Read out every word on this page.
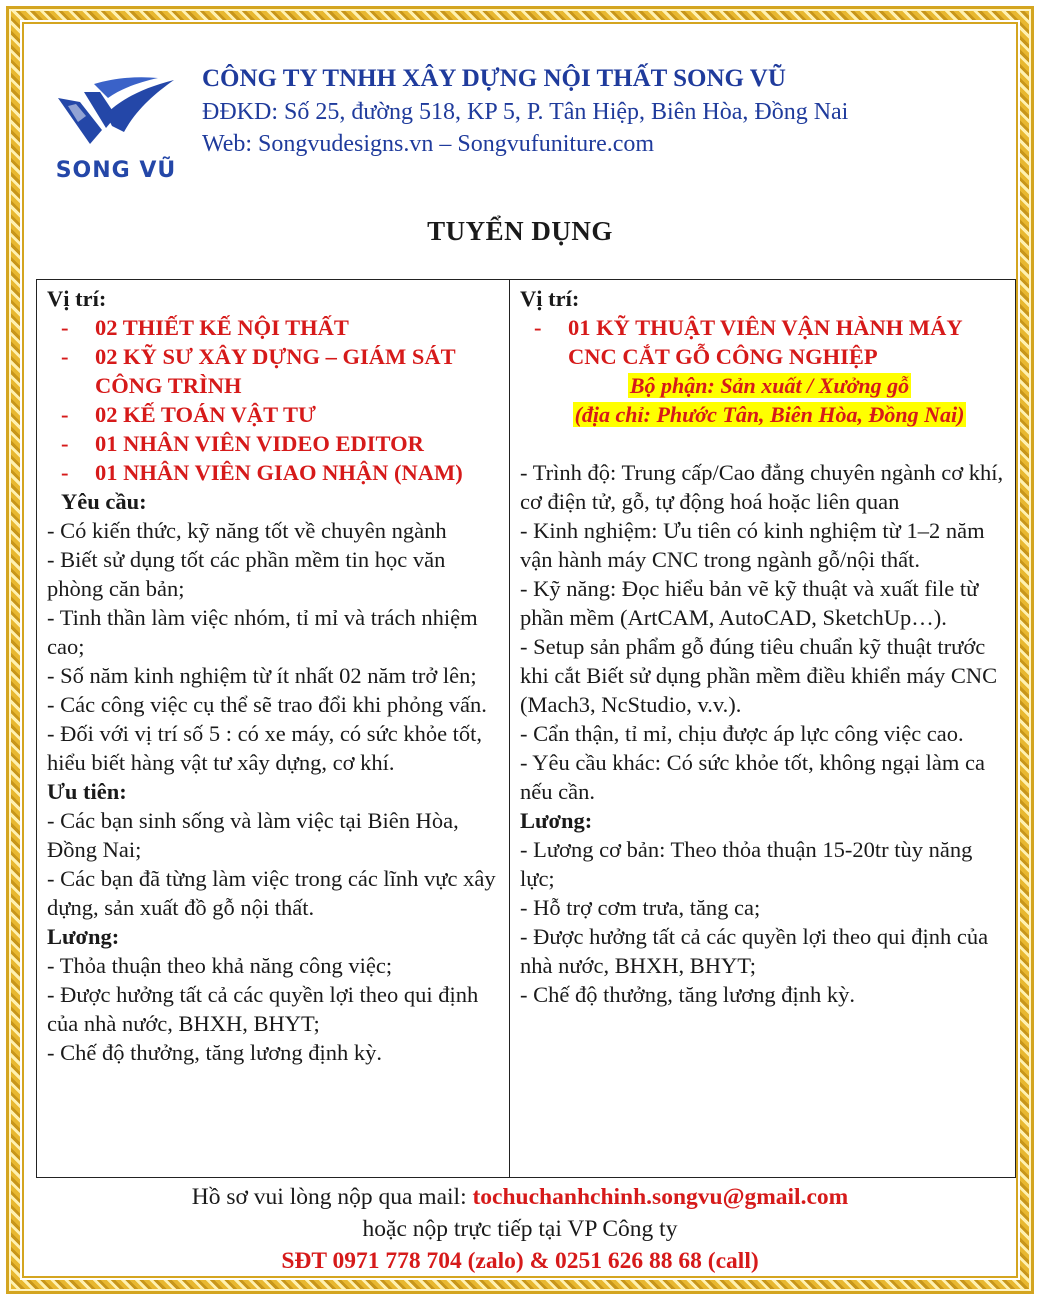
SONG VŨ
CÔNG TY TNHH XÂY DỰNG NỘI THẤT SONG VŨ
ĐĐKD: Số 25, đường 518, KP 5, P. Tân Hiệp, Biên Hòa, Đồng Nai
Web: Songvudesigns.vn – Songvufuniture.com
TUYỂN DỤNG
Vị trí:
-	02 THIẾT KẾ NỘI THẤT
-	02 KỸ SƯ XÂY DỰNG – GIÁM SÁT CÔNG TRÌNH
-	02 KẾ TOÁN VẬT TƯ
-	01 NHÂN VIÊN VIDEO EDITOR
-	01 NHÂN VIÊN GIAO NHẬN (NAM)
Yêu cầu:
- Có kiến thức, kỹ năng tốt về chuyên ngành
- Biết sử dụng tốt các phần mềm tin học văn phòng căn bản;
- Tinh thần làm việc nhóm, tỉ mỉ và trách nhiệm cao;
- Số năm kinh nghiệm từ ít nhất 02 năm trở lên;
- Các công việc cụ thể sẽ trao đổi khi phỏng vấn.
- Đối với vị trí số 5 : có xe máy, có sức khỏe tốt, hiểu biết hàng vật tư xây dựng, cơ khí.
Ưu tiên:
- Các bạn sinh sống và làm việc tại Biên Hòa, Đồng Nai;
- Các bạn đã từng làm việc trong các lĩnh vực xây dựng, sản xuất đồ gỗ nội thất.
Lương:
- Thỏa thuận theo khả năng công việc;
- Được hưởng tất cả các quyền lợi theo qui định của nhà nước, BHXH, BHYT;
- Chế độ thưởng, tăng lương định kỳ.
Vị trí:
-	01 KỸ THUẬT VIÊN VẬN HÀNH MÁY CNC CẮT GỖ CÔNG NGHIỆP
Bộ phận: Sản xuất / Xưởng gỗ
(địa chỉ: Phước Tân, Biên Hòa, Đồng Nai)
- Trình độ: Trung cấp/Cao đẳng chuyên ngành cơ khí, cơ điện tử, gỗ, tự động hoá hoặc liên quan
- Kinh nghiệm: Ưu tiên có kinh nghiệm từ 1–2 năm vận hành máy CNC trong ngành gỗ/nội thất.
- Kỹ năng: Đọc hiểu bản vẽ kỹ thuật và xuất file từ phần mềm (ArtCAM, AutoCAD, SketchUp…).
- Setup sản phẩm gỗ đúng tiêu chuẩn kỹ thuật trước khi cắt Biết sử dụng phần mềm điều khiển máy CNC (Mach3, NcStudio, v.v.).
- Cẩn thận, tỉ mỉ, chịu được áp lực công việc cao.
- Yêu cầu khác: Có sức khỏe tốt, không ngại làm ca nếu cần.
Lương:
- Lương cơ bản: Theo thỏa thuận 15-20tr tùy năng lực;
- Hỗ trợ cơm trưa, tăng ca;
- Được hưởng tất cả các quyền lợi theo qui định của nhà nước, BHXH, BHYT;
- Chế độ thưởng, tăng lương định kỳ.
Hồ sơ vui lòng nộp qua mail: tochuchanhchinh.songvu@gmail.com
hoặc nộp trực tiếp tại VP Công ty
SĐT 0971 778 704 (zalo) & 0251 626 88 68 (call)
